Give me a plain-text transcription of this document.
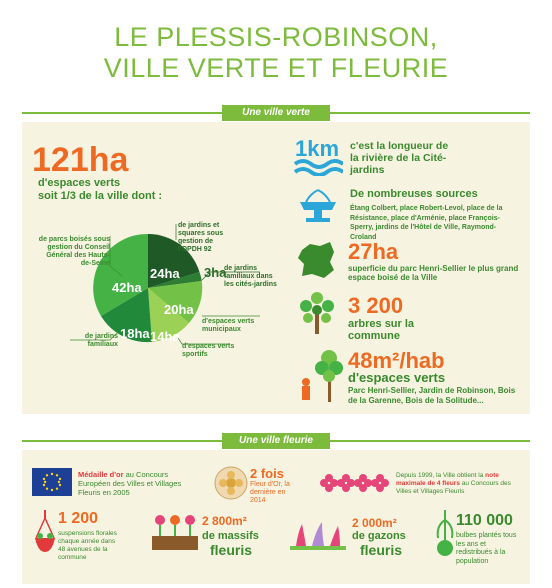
LE PLESSIS-ROBINSON,
VILLE VERTE ET FLEURIE
Une ville verte
121ha
d'espaces verts
soit 1/3 de la ville dont :
42ha
24ha
20ha
14ha
18ha
de parcs boisés sous gestion du Conseil Général des Hauts-de-Seine
de jardins et squares sous gestion de l'OPDH 92
3ha
de jardins familiaux dans les cités-jardins
d'espaces verts municipaux
d'espaces verts sportifs
de jardins familiaux
1km c'est la longueur de la rivière de la Cité-jardins
De nombreuses sources
Étang Colbert, place Robert-Levol, place de la Résistance, place d'Arménie, place François-Sperry, jardins de l'Hôtel de Ville, Raymond-Croland
27ha
superficie du parc Henri-Sellier le plus grand espace boisé de la Ville
3 200
arbres sur la commune
48m²/hab
d'espaces verts
Parc Henri-Sellier, Jardin de Robinson, Bois de la Garenne, Bois de la Solitude...
Une ville fleurie
Médaille d'or au Concours Européen des Villes et Villages Fleuris en 2005
2 fois
Fleur d'Or, la dernière en 2014
Depuis 1999, la Ville obtient la note maximale de 4 fleurs au Concours des Villes et Villages Fleuris
1 200
suspensions florales chaque année dans 48 avenues de la commune
2 800m²
de massifs
fleuris
2 000m²
de gazons
fleuris
110 000
bulbes plantés tous les ans et redistribués à la population
